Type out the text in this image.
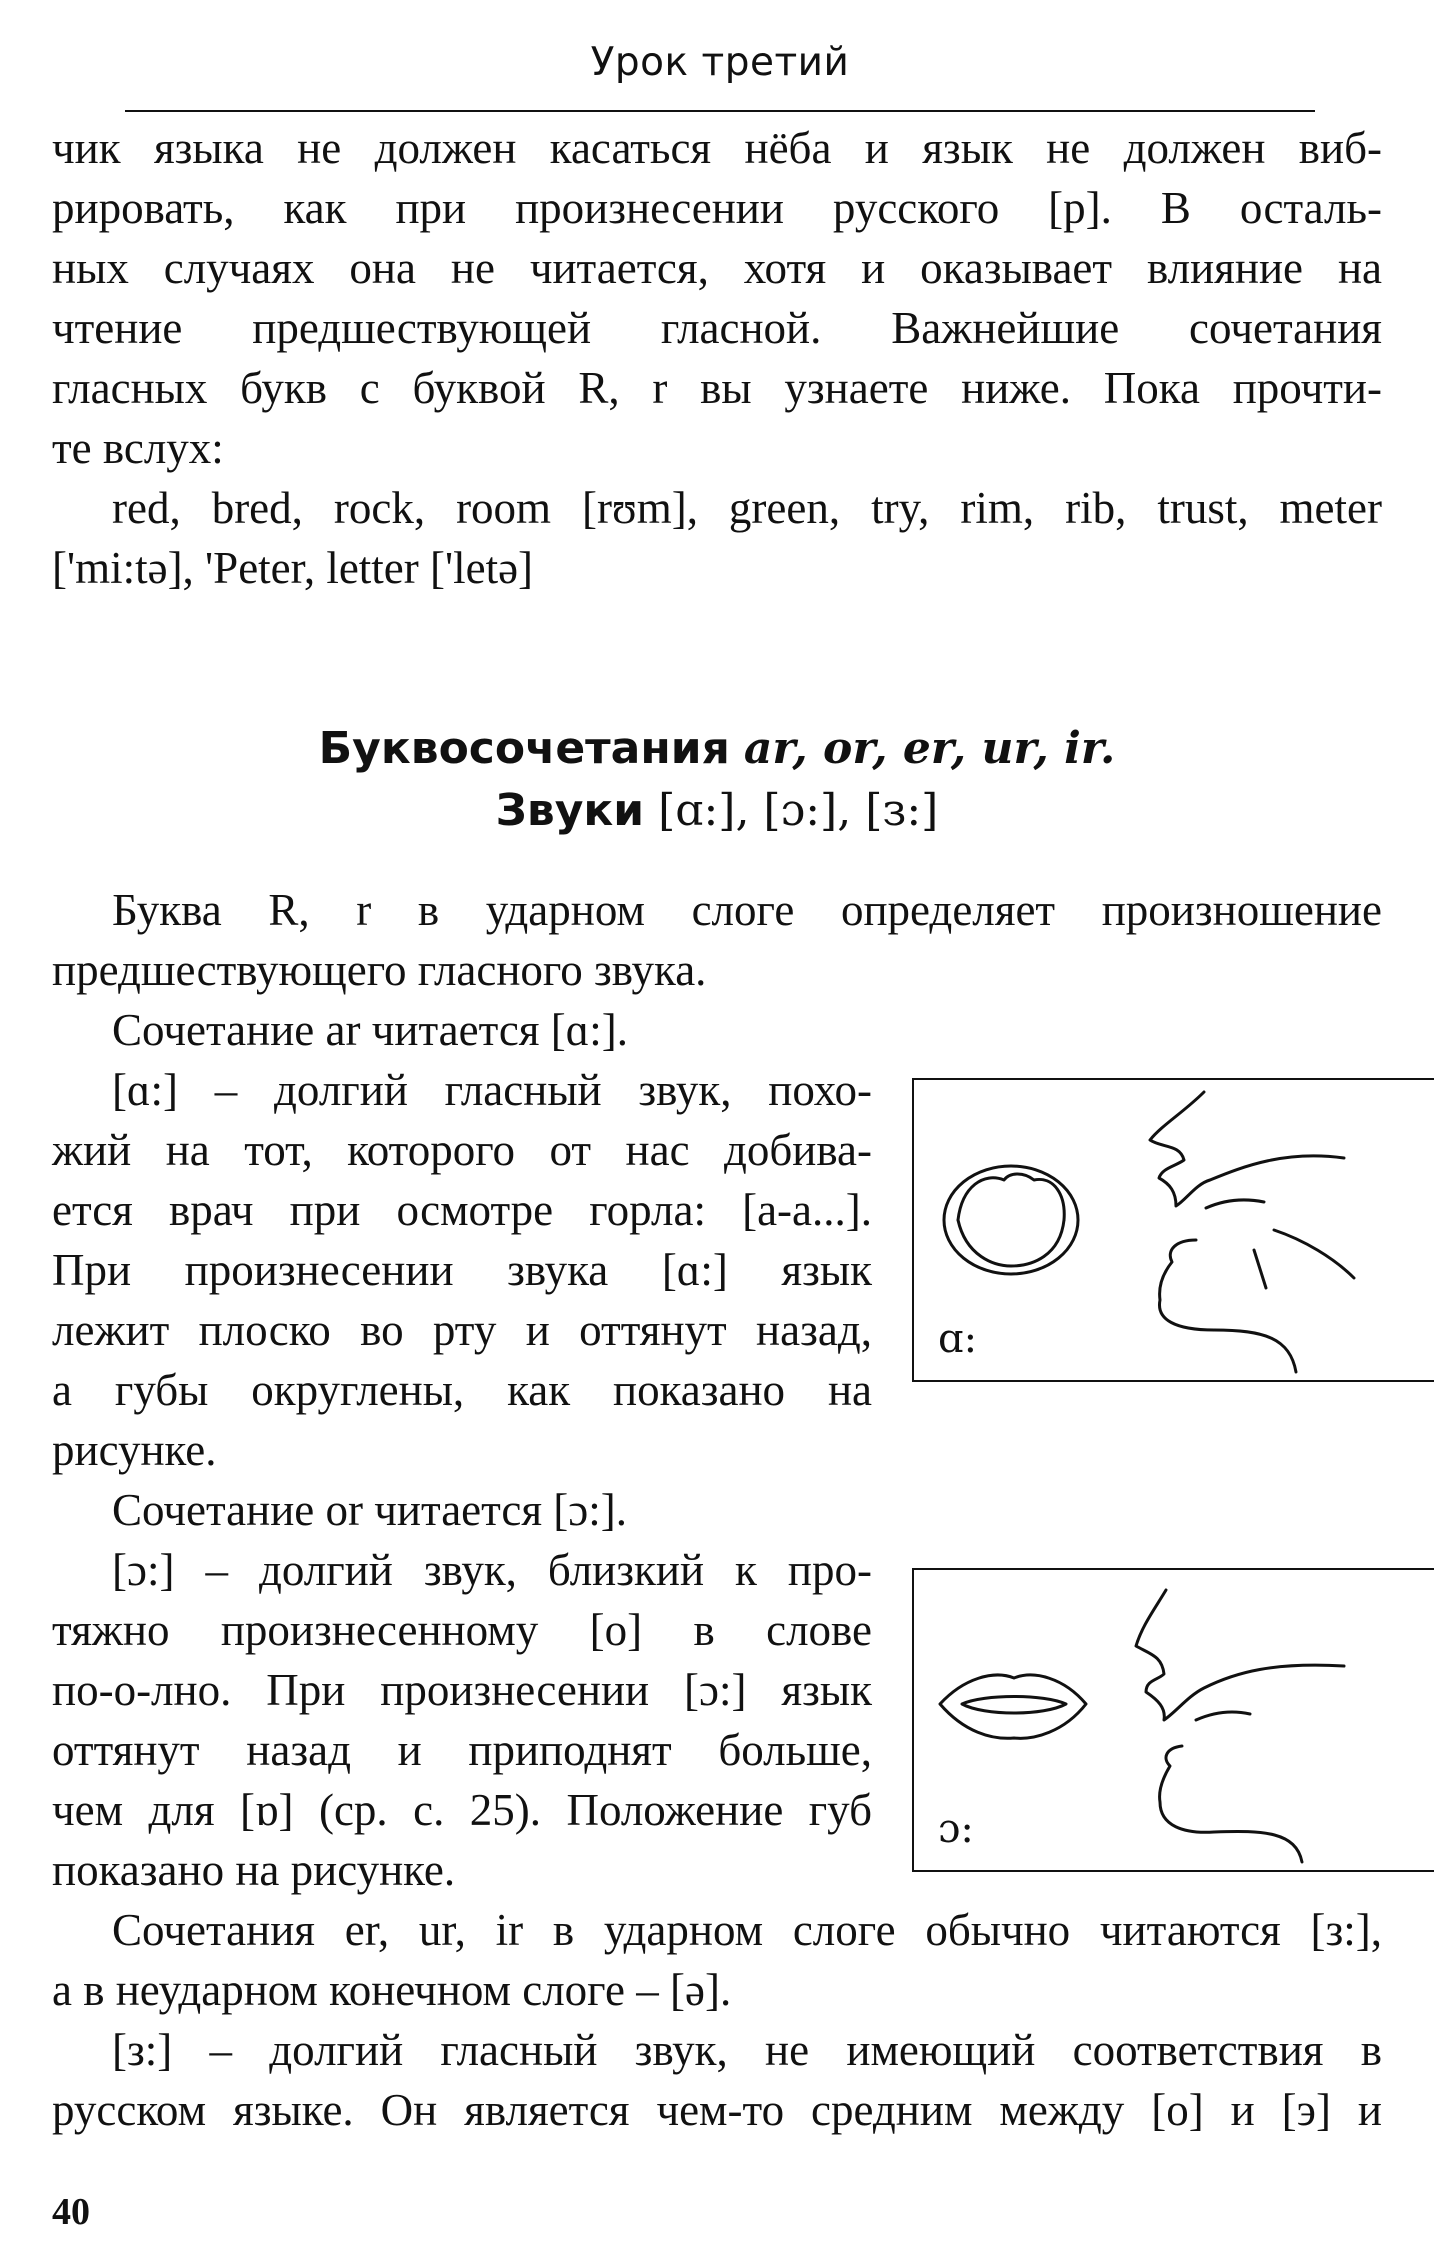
Урок третий
чик языка не должен касаться нёба и язык не должен виб-
рировать, как при произнесении русского [р]. В осталь-
ных случаях она не читается, хотя и оказывает влияние на
чтение предшествующей гласной. Важнейшие сочетания
гласных букв с буквой R, r вы узнаете ниже. Пока прочти-
те вслух:
red, bred, rock, room [rʊm], green, try, rim, rib, trust, meter
['mi:tə], 'Peter, letter ['letə]
Буквосочетания ar, or, er, ur, ir.
Звуки [ɑ:], [ɔ:], [з:]
Буква R, r в ударном слоге определяет произношение
предшествующего гласного звука.
Сочетание ar читается [ɑ:].
[ɑ:] – долгий гласный звук, похо-
жий на тот, которого от нас добива-
ется врач при осмотре горла: [а-а...].
При произнесении звука [ɑ:] язык
лежит плоско во рту и оттянут назад,
а губы округлены, как показано на
рисунке.
ɑ:
Сочетание or читается [ɔ:].
[ɔ:] – долгий звук, близкий к про-
тяжно произнесенному [о] в слове
по-о-лно. При произнесении [ɔ:] язык
оттянут назад и приподнят больше,
чем для [ɒ] (ср. с. 25). Положение губ
показано на рисунке.
ɔ:
Сочетания er, ur, ir в ударном слоге обычно читаются [з:],
а в неударном конечном слоге – [ə].
[з:] – долгий гласный звук, не имеющий соответствия в
русском языке. Он является чем-то средним между [о] и [э] и
40
